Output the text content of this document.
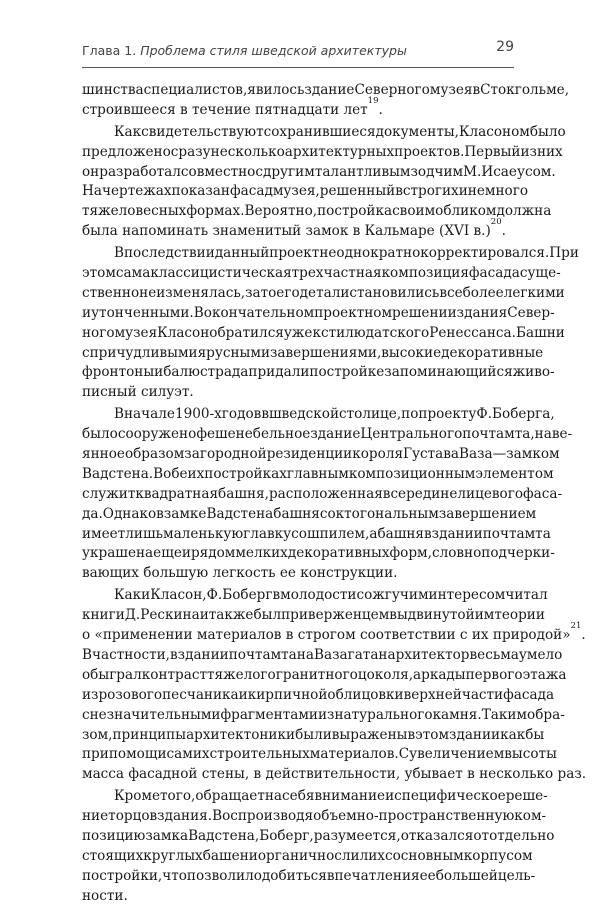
Глава 1. Проблема стиля шведской архитектуры	29
шинства специалистов, явилось здание Северного музея в Стокгольме,
строившееся в течение пятнадцати лет
19
.
Как свидетельствуют сохранившиеся документы, Класоном было
предложено сразу несколько архитектурных проектов. Первый из них
он разработал совместно с другим талантливым зодчим М. Исаеусом.
На чертежах показан фасад музея, решенный в строгих и немного
тяжеловесных формах. Вероятно, постройка своим обликом должна
была напоминать знаменитый замок в Кальмаре (XVI в.)
20
.
Впоследствии данный проект неоднократно корректировался. При
этом сама классицистическая трехчастная композиция фасада суще-
ственно не изменялась, зато его детали становились все более легкими
и утонченными. В окончательном проектном решении здания Север-
ного музея Класон обратился уже к стилю датского Ренессанса. Башни
с причудливыми ярусными завершениями, высокие декоративные
фронтоны и балюстрада придали постройке запоминающийся живо-
писный силуэт.
В начале 1900-х годов в шведской столице, по проекту Ф. Боберга,
было сооружено фешенебельное здание Центрального почтамта, наве-
янное образом загородной резиденции короля Густава Ваза — замком
Вадстена. В обеих постройках главным композиционным элементом
служит квадратная башня, расположенная в середине лицевого фаса-
да. Однако в замке Вадстена башня с октогональным завершением
имеет лишь маленькую главку со шпилем, а башня в здании почтамта
украшена еще и рядом мелких декоративных форм, словно подчерки-
вающих большую легкость ее конструкции.
Как и Класон, Ф. Боберг в молодости со жгучим интересом читал
книги Д. Рескина и также был приверженцем выдвинутой им теории
о «применении материалов в строгом соответствии с их природой»
21
.
В частности, в здании почтамта на Вазагатан архитектор весьма умело
обыграл контраст тяжелого гранитного цоколя, аркады первого этажа
из розового песчаника и кирпичной облицовки верхней части фасада
с незначительными фрагментами из натурального камня. Таким обра-
зом, принципы архитектоники были выражены в этом здании как бы
при помощи самих строительных материалов. С увеличением высоты
масса фасадной стены, в действительности, убывает в несколько раз.
Кроме того, обращает на себя внимание и специфическое реше-
ние торцов здания. Воспроизводя объемно-пространственную ком-
позицию замка Вадстена, Боберг, разумеется, отказался от отдельно
стоящих круглых башен и органично слил их с основным корпусом
постройки, что позволило добиться впечатления ее большей цель-
ности.
